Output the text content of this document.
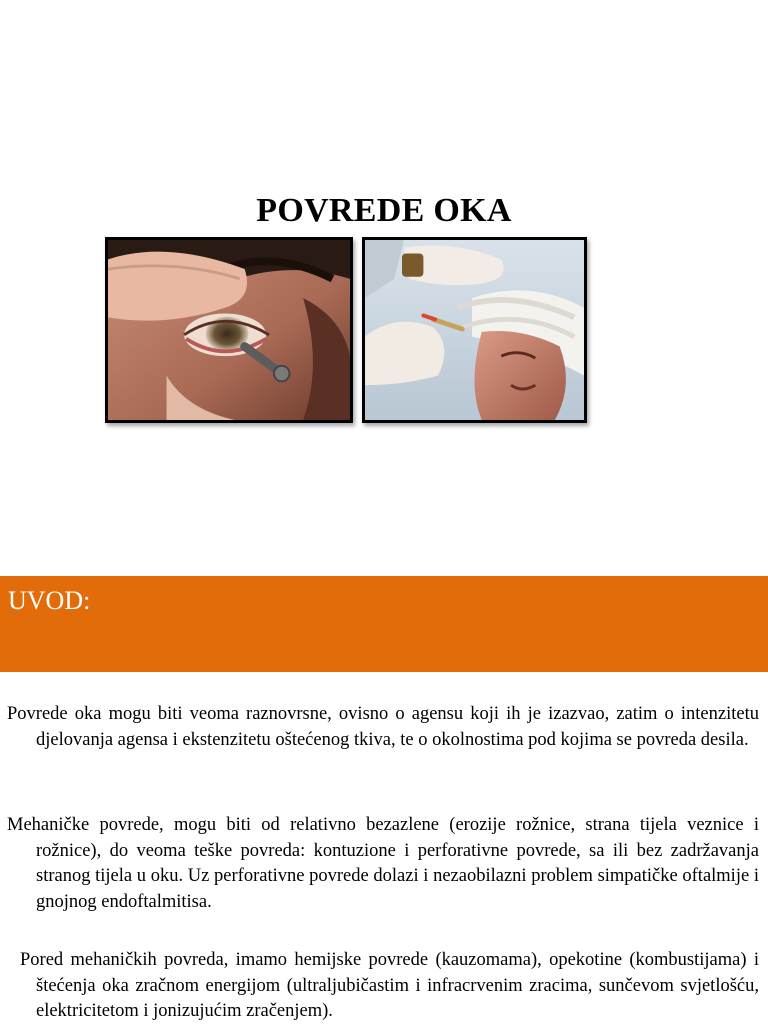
POVREDE OKA
UVOD:
Povrede oka mogu biti veoma raznovrsne, ovisno o agensu koji ih je izazvao, zatim o intenzitetu djelovanja agensa i ekstenzitetu oštećenog tkiva, te o okolnostima pod kojima se povreda desila.
Mehaničke povrede, mogu biti od relativno bezazlene (erozije rožnice, strana tijela veznice i rožnice), do veoma teške povreda: kontuzione i perforativne povrede, sa ili bez zadržavanja stranog tijela u oku. Uz perforativne povrede dolazi i nezaobilazni problem simpatičke oftalmije i gnojnog endoftalmitisa.
Pored mehaničkih povreda, imamo hemijske povrede (kauzomama), opekotine (kombustijama) i štećenja oka zračnom energijom (ultraljubičastim i infracrvenim zracima, sunčevom svjetlošću, elektricitetom i jonizujućim zračenjem).
